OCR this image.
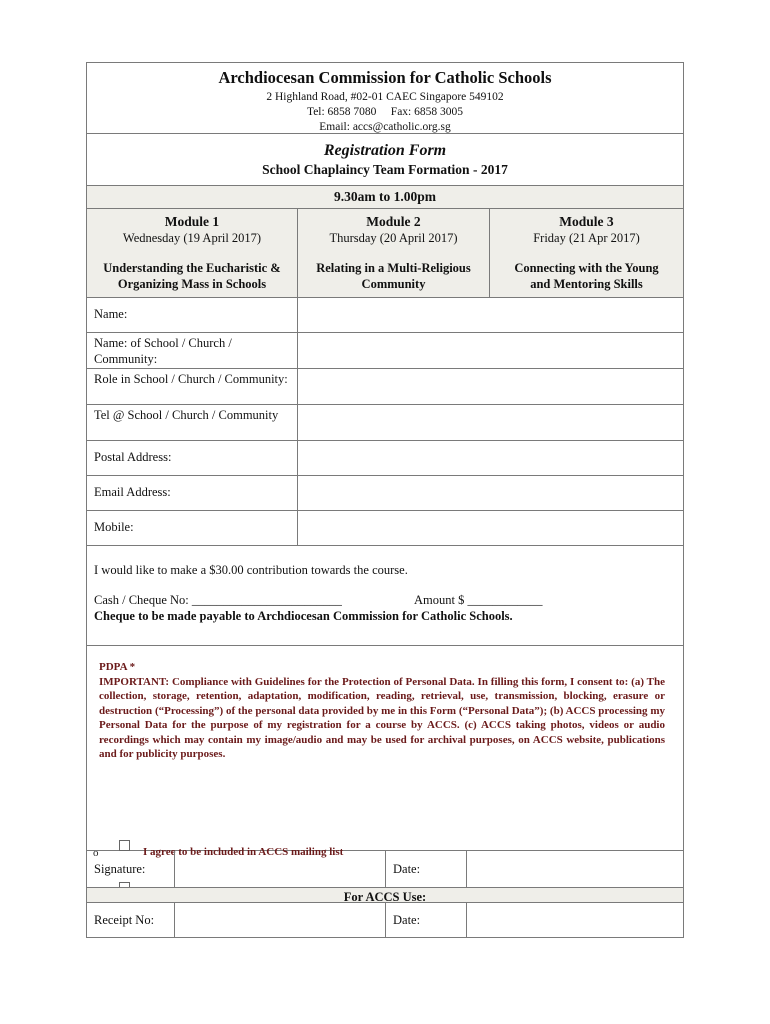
Archdiocesan Commission for Catholic Schools
2 Highland Road, #02-01 CAEC Singapore 549102
Tel: 6858 7080     Fax: 6858 3005
Email: accs@catholic.org.sg
Registration Form
School Chaplaincy Team Formation - 2017
9.30am to 1.00pm
Module 1
Wednesday (19 April 2017)
Understanding the Eucharistic & Organizing Mass in Schools
Module 2
Thursday (20 April 2017)
Relating in a Multi-Religious Community
Module 3
Friday (21 Apr 2017)
Connecting with the Young and Mentoring Skills
Name:
Name: of School / Church / Community:
Role in School / Church / Community:
Tel @ School / Church / Community
Postal Address:
Email Address:
Mobile:
I would like to make a $30.00 contribution towards the course.
Cash / Cheque No: ________________________	Amount $ ____________
Cheque to be made payable to Archdiocesan Commission for Catholic Schools.
PDPA *
IMPORTANT: Compliance with Guidelines for the Protection of Personal Data. In filling this form, I consent to: (a) The collection, storage, retention, adaptation, modification, reading, retrieval, use, transmission, blocking, erasure or destruction (“Processing”) of the personal data provided by me in this Form (“Personal Data”); (b) ACCS processing my Personal Data for the purpose of my registration for a course by ACCS. (c) ACCS taking photos, videos or audio recordings which may contain my image/audio and may be used for archival purposes, on ACCS website, publications and for publicity purposes.
o	I agree to be included in ACCS mailing list
Signature:	Date:
For ACCS Use:
Receipt No:	Date:
